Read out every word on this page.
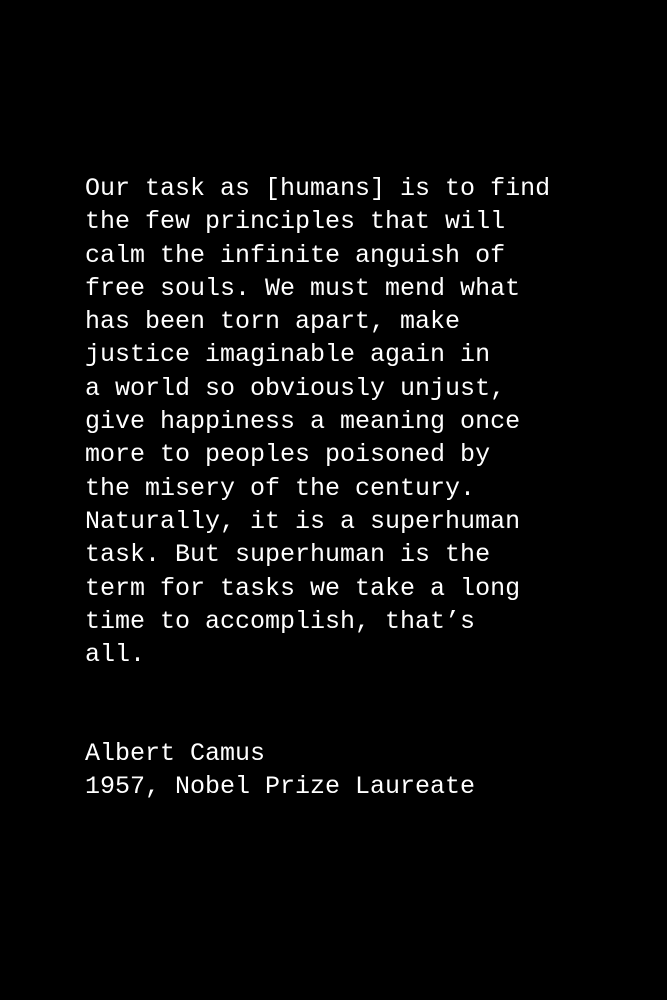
Our task as [humans] is to find
the few principles that will
calm the infinite anguish of
free souls. We must mend what
has been torn apart, make
justice imaginable again in
a world so obviously unjust,
give happiness a meaning once
more to peoples poisoned by
the misery of the century.
Naturally, it is a superhuman
task. But superhuman is the
term for tasks we take a long
time to accomplish, that’s
all.
Albert Camus
1957, Nobel Prize Laureate
